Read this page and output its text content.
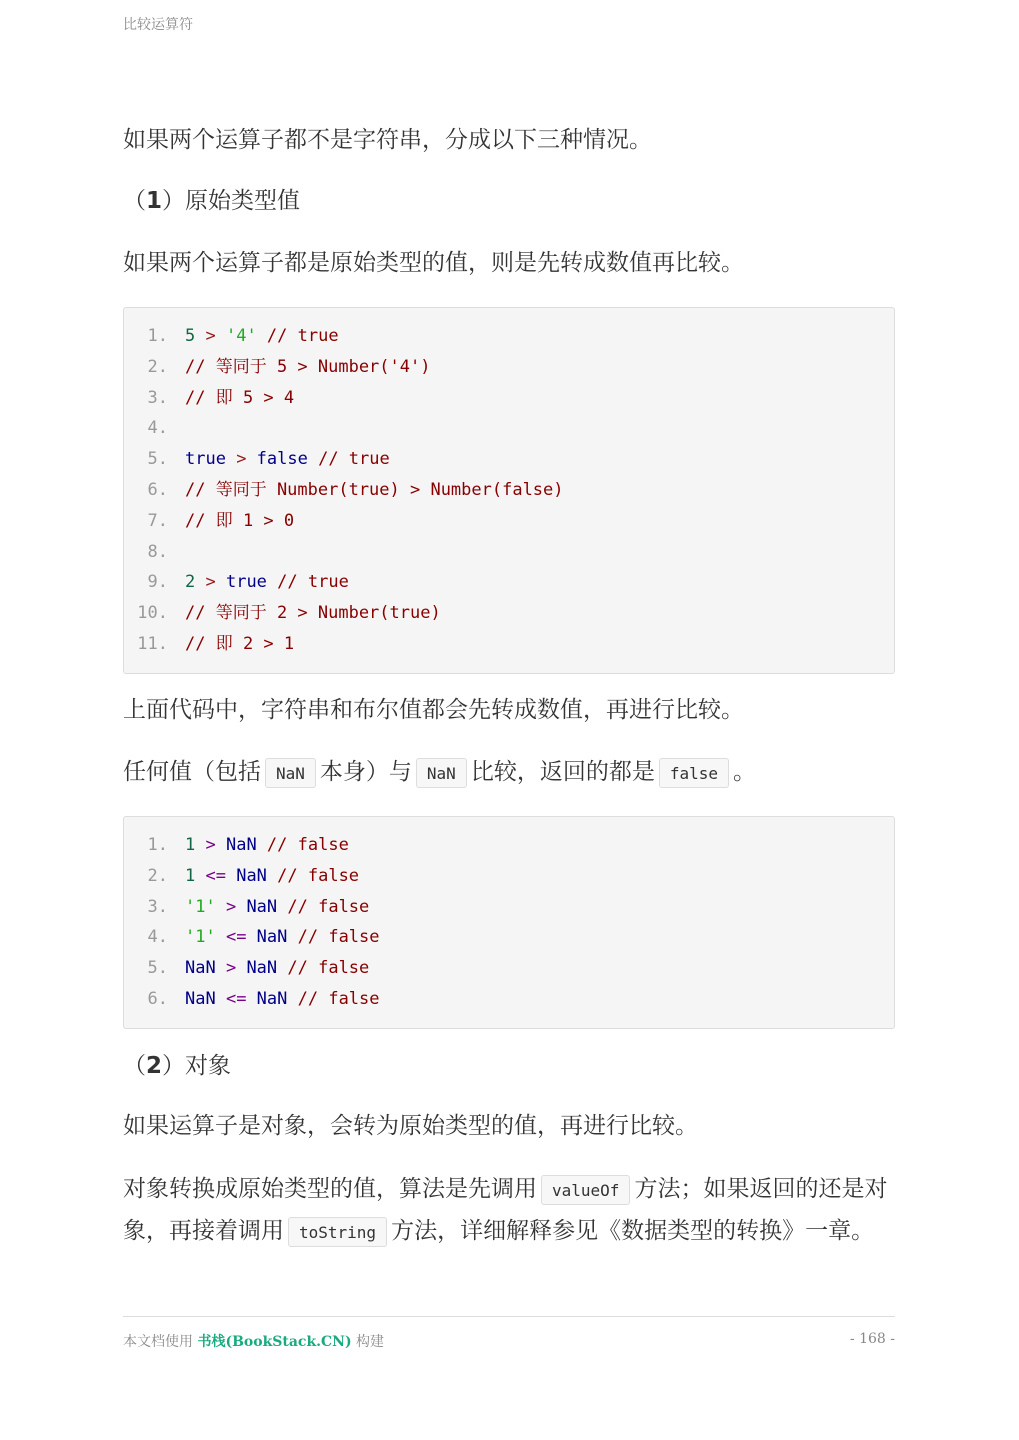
比较运算符

如果两个运算子都不是字符串，分成以下三种情况。

（1）原始类型值

如果两个运算子都是原始类型的值，则是先转成数值再比较。

1.	5 > '4' // true
2.	// 等同于 5 > Number('4')
3.	// 即 5 > 4
4.
5.	true > false // true
6.	// 等同于 Number(true) > Number(false)
7.	// 即 1 > 0
8.
9.	2 > true // true
10.	// 等同于 2 > Number(true)
11.	// 即 2 > 1

上面代码中，字符串和布尔值都会先转成数值，再进行比较。

任何值（包括 NaN 本身）与 NaN 比较，返回的都是 false 。

1.	1 > NaN // false
2.	1 <= NaN // false
3.	'1' > NaN // false
4.	'1' <= NaN // false
5.	NaN > NaN // false
6.	NaN <= NaN // false

（2）对象

如果运算子是对象，会转为原始类型的值，再进行比较。

对象转换成原始类型的值，算法是先调用 valueOf 方法；如果返回的还是对象，再接着调用 toString 方法，详细解释参见《数据类型的转换》一章。

本文档使用 书栈(BookStack.CN) 构建	- 168 -
